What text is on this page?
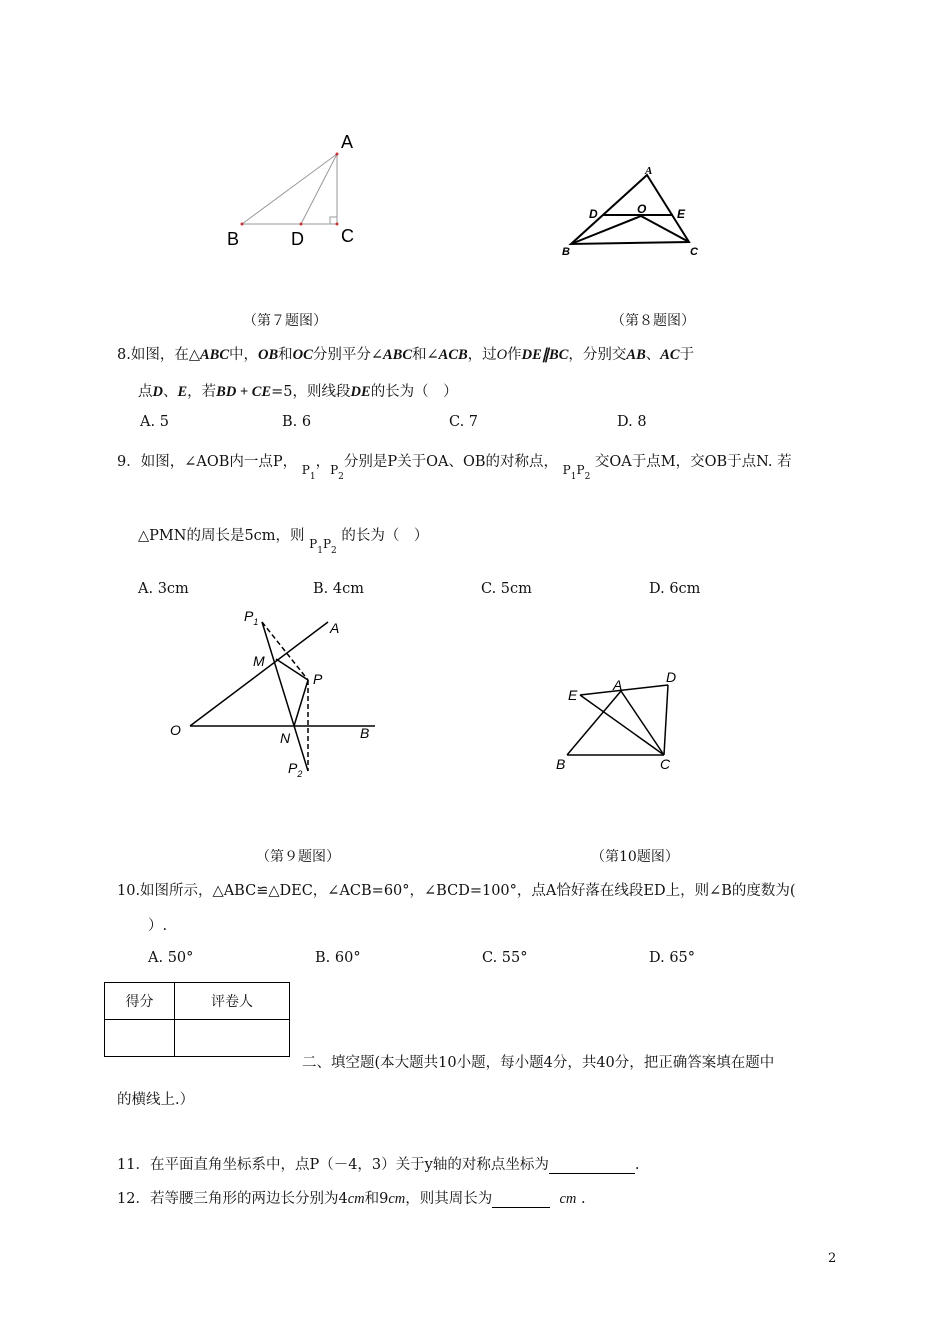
A
B	D C
A
D	O	E
B	C
（第７题图）	（第８题图）
8.如图，在△ABC中，OB和OC分别平分∠ABC和∠ACB，过O作DE∥BC，分别交AB、AC于
点D、E，若BD + CE=5，则线段DE的长为（　）
A. 5	B. 6	C. 7	D. 8
9．如图，∠AOB内一点P， $_{P_1}$，$_{P_2}$分别是P关于OA、OB的对称点， $_{P_1P_2}$ 交OA于点M，交OB于点N. 若
△PMN的周长是5cm，则 $_{P_1P_2}$ 的长为（　）
A. 3cm	B. 4cm	C. 5cm	D. 6cm
$P_1$	A
M
P
O	N	B
$P_2$
E
A	D
B	C
（第９题图）	（第10题图）
10.如图所示，△ABC≌△DEC，∠ACB=60°，∠BCD=100°，点A恰好落在线段ED上，则∠B的度数为(
）.
A. 50°	B. 60°	C. 55°	D. 65°
得分	评卷人

二、填空题(本大题共10小题，每小题4分，共40分，把正确答案填在题中
的横线上.）
11．在平面直角坐标系中，点P（－4，3）关于y轴的对称点坐标为	.
12．若等腰三角形的两边长分别为4cm和9cm，则其周长为	cm .
2
